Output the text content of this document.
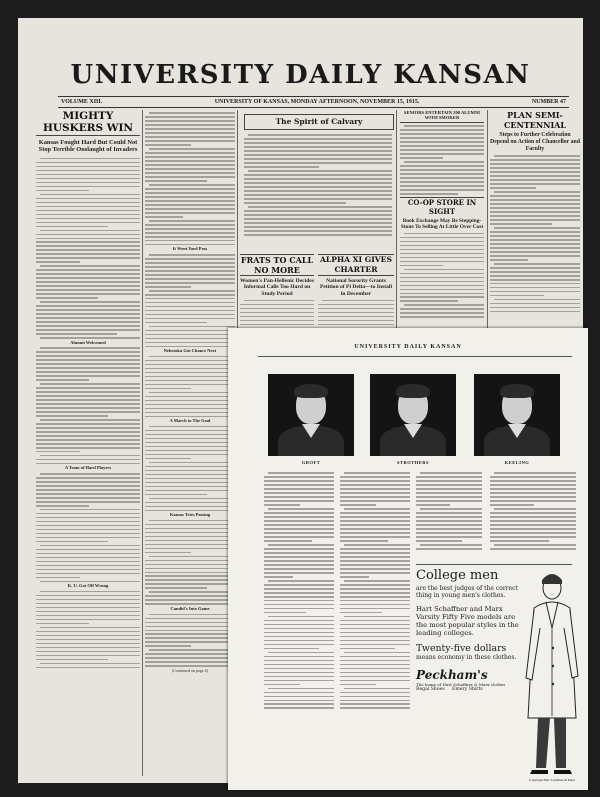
UNIVERSITY DAILY KANSAN
VOLUME XIII.	UNIVERSITY OF KANSAS, MONDAY AFTERNOON, NOVEMBER 15, 1915.	NUMBER 47
MIGHTY HUSKERS WIN
Kansas Fought Hard But Could Not Stop Terrible Onslaught of Invaders
Alumni Welcomed
A Team of Hard Players
K. U. Got Off Wrong
It Went Yard Pass
Nebraska Got Chance Next
A March to The Goal
Kansas Tries Passing
Candid's Into Game
(Continued on page 4)
The Spirit of Calvary
FRATS TO CALL NO MORE
Women's Pan-Hellenic Decides Informal Calls Too Hard on Study Period
ALPHA XI GIVES CHARTER
National Sorority Grants Petition of Pi Delta—to Install in December
SENIORS ENTERTAIN 200 ALUMNI WITH SMOKER
CO-OP STORE IN SIGHT
Book Exchange May Be Stepping-Stone To Selling At Little Over Cost
PLAN SEMI-CENTENNIAL
Steps to Further Celebration Depend on Action of Chancellor and Faculty
UNIVERSITY DAILY KANSAN
GROFT	STROTHERS	KEELING
College men
are the best judges of the correct thing in young men's clothes.
Hart Schaffner and Marx Varsity Fifty Five models are the most popular styles in the leading colleges.
Twenty-five dollars
means economy in these clothes.
Peckham's
The home of Hart Schaffner & Marx clothes
Regal Shoes     Emery Shirts
Copyright Hart Schaffner & Marx
